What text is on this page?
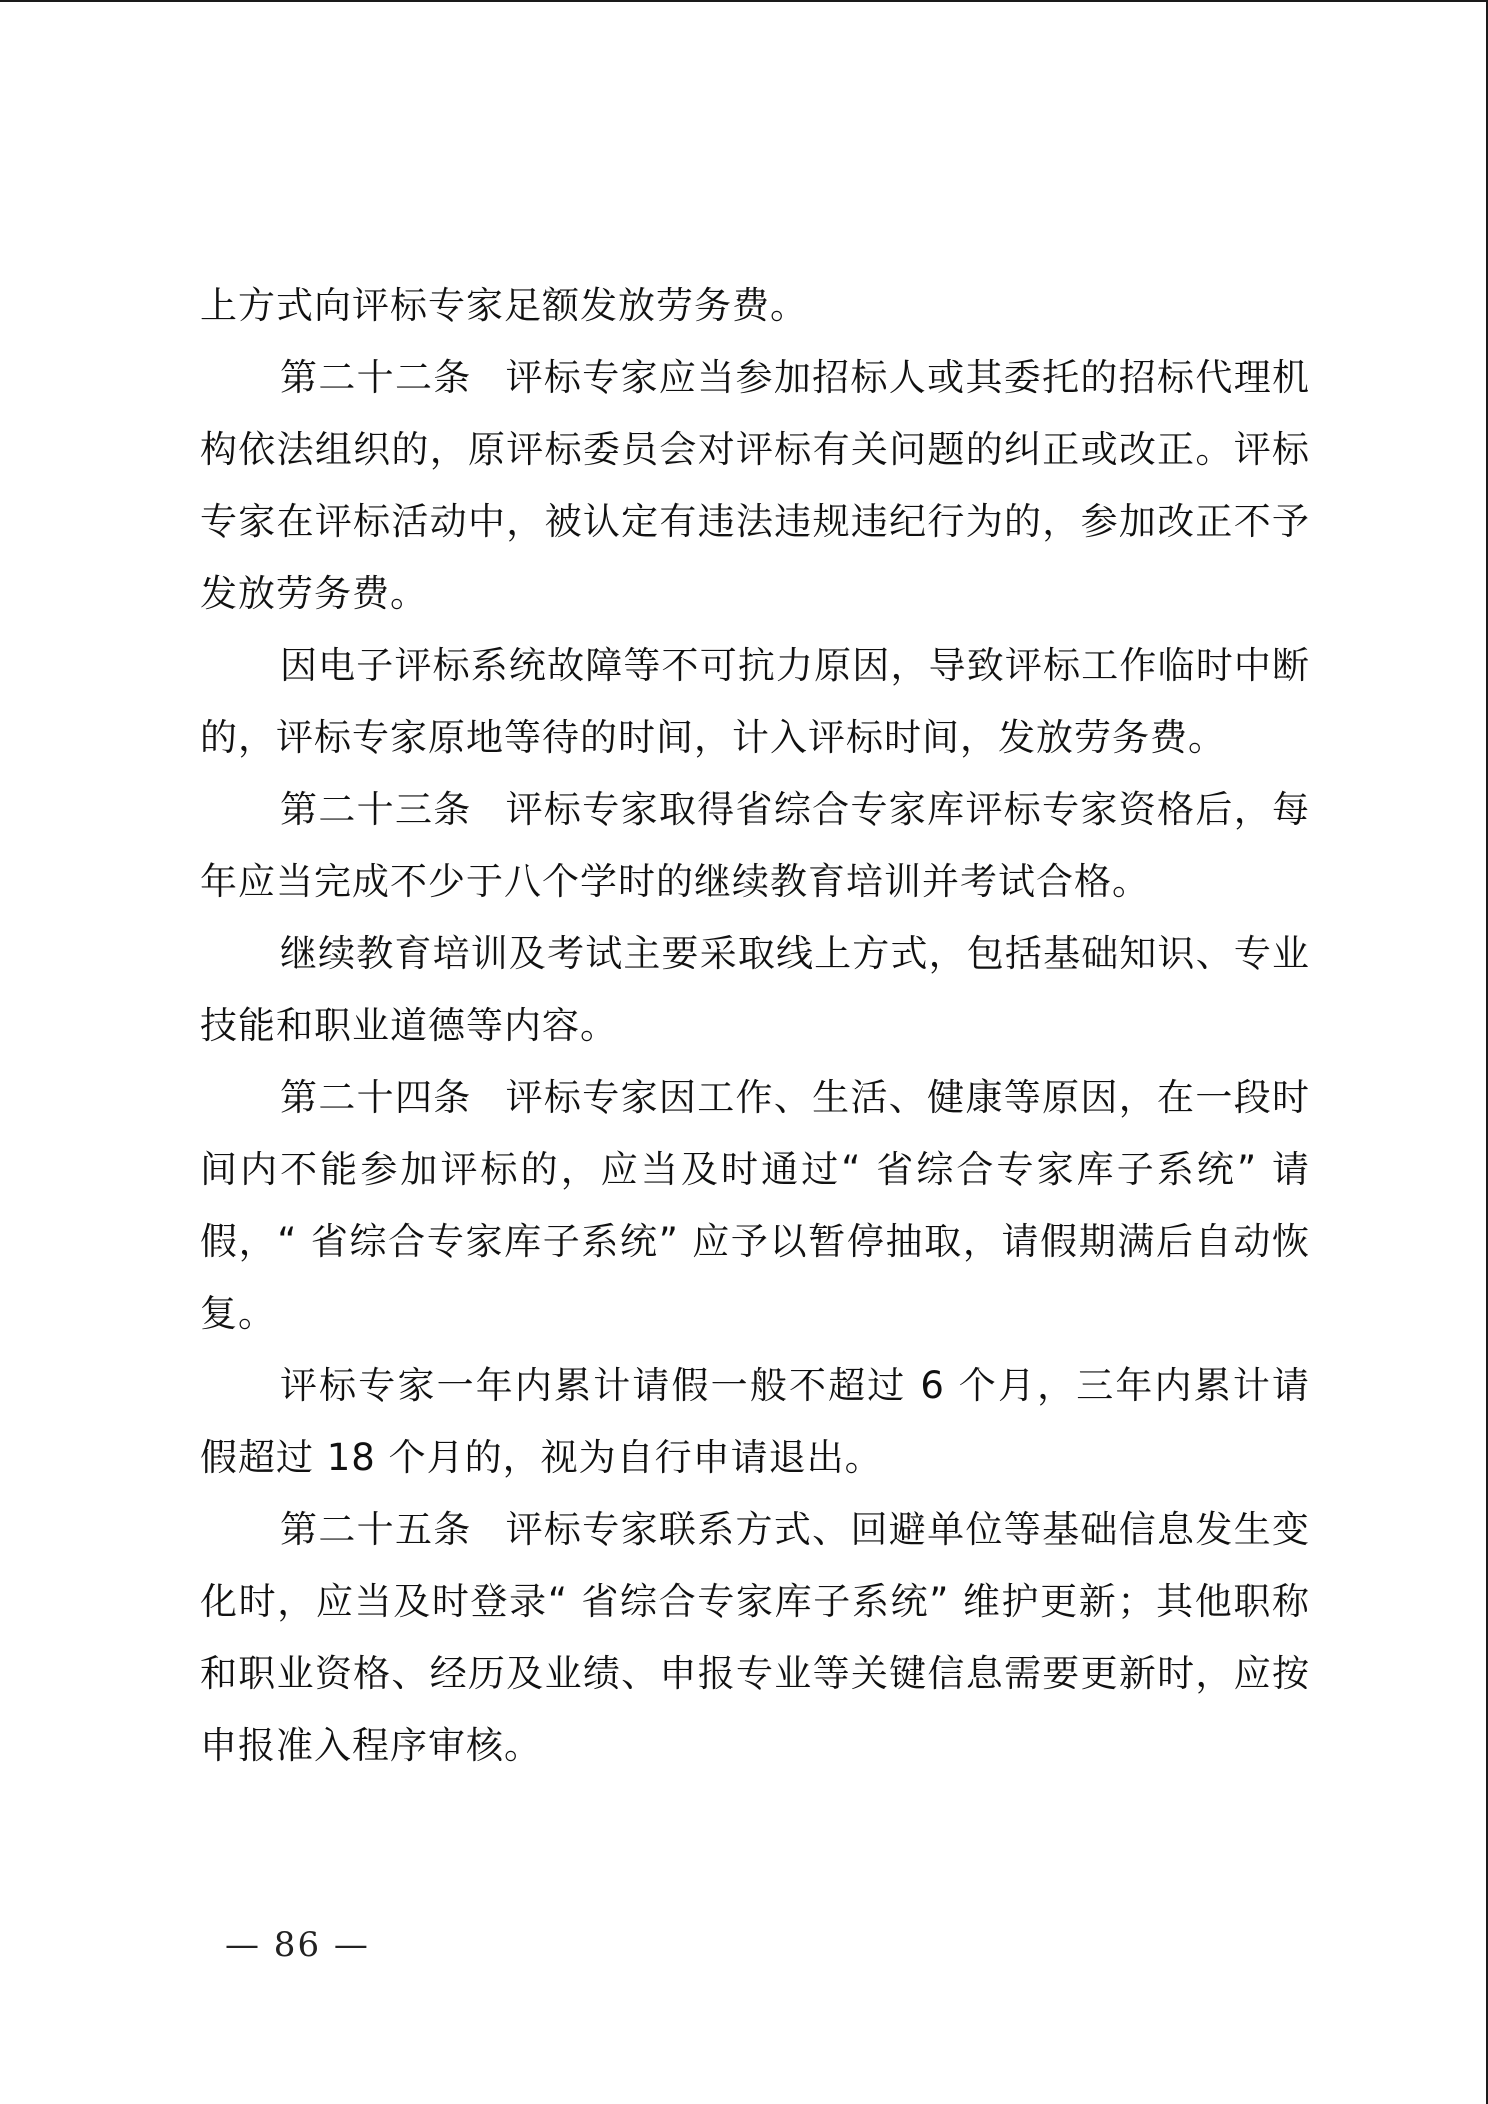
上方式向评标专家足额发放劳务费。

第二十二条 评标专家应当参加招标人或其委托的招标代理机构依法组织的，原评标委员会对评标有关问题的纠正或改正。评标专家在评标活动中，被认定有违法违规违纪行为的，参加改正不予发放劳务费。

因电子评标系统故障等不可抗力原因，导致评标工作临时中断的，评标专家原地等待的时间，计入评标时间，发放劳务费。

第二十三条 评标专家取得省综合专家库评标专家资格后，每年应当完成不少于八个学时的继续教育培训并考试合格。

继续教育培训及考试主要采取线上方式，包括基础知识、专业技能和职业道德等内容。

第二十四条 评标专家因工作、生活、健康等原因，在一段时间内不能参加评标的，应当及时通过“ 省综合专家库子系统” 请假，“ 省综合专家库子系统” 应予以暂停抽取，请假期满后自动恢复。

评标专家一年内累计请假一般不超过 6 个月，三年内累计请假超过 18 个月的，视为自行申请退出。

第二十五条 评标专家联系方式、回避单位等基础信息发生变化时，应当及时登录“ 省综合专家库子系统” 维护更新；其他职称和职业资格、经历及业绩、申报专业等关键信息需要更新时，应按申报准入程序审核。

— 86 —
